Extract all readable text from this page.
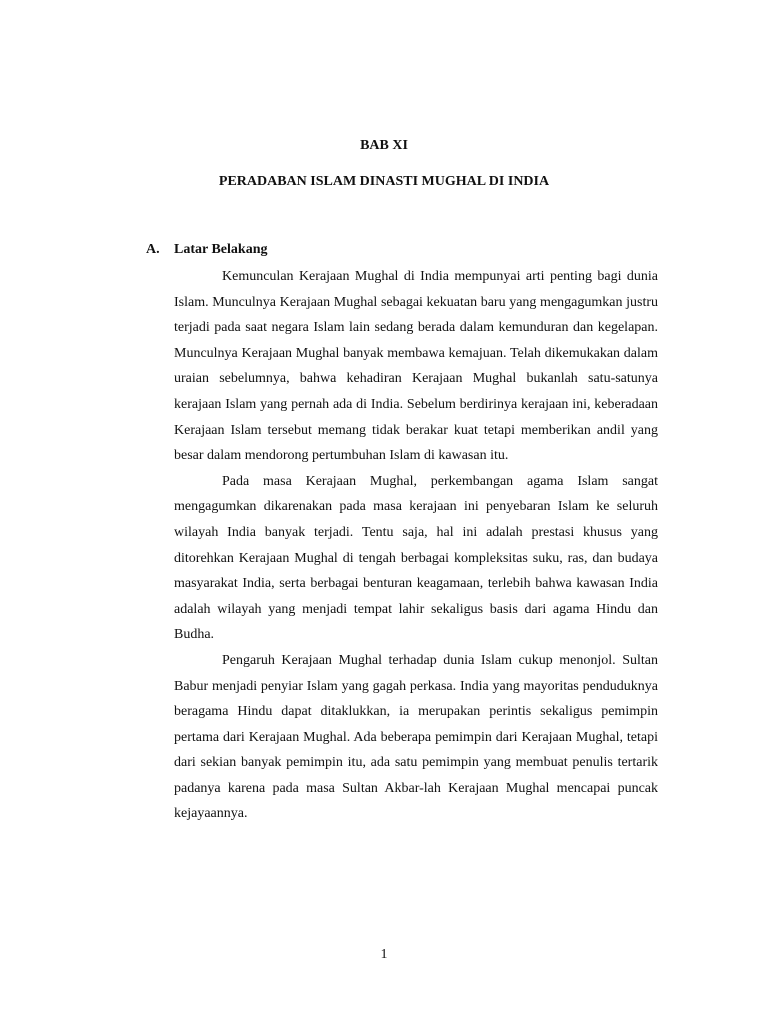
BAB XI
PERADABAN ISLAM DINASTI MUGHAL DI INDIA
A. Latar Belakang

Kemunculan Kerajaan Mughal di India mempunyai arti penting bagi dunia Islam. Munculnya Kerajaan Mughal sebagai kekuatan baru yang mengagumkan justru terjadi pada saat negara Islam lain sedang berada dalam kemunduran dan kegelapan. Munculnya Kerajaan Mughal banyak membawa kemajuan. Telah dikemukakan dalam uraian sebelumnya, bahwa kehadiran Kerajaan Mughal bukanlah satu-satunya kerajaan Islam yang pernah ada di India. Sebelum berdirinya kerajaan ini, keberadaan Kerajaan Islam tersebut memang tidak berakar kuat tetapi memberikan andil yang besar dalam mendorong pertumbuhan Islam di kawasan itu.

Pada masa Kerajaan Mughal, perkembangan agama Islam sangat mengagumkan dikarenakan pada masa kerajaan ini penyebaran Islam ke seluruh wilayah India banyak terjadi. Tentu saja, hal ini adalah prestasi khusus yang ditorehkan Kerajaan Mughal di tengah berbagai kompleksitas suku, ras, dan budaya masyarakat India, serta berbagai benturan keagamaan, terlebih bahwa kawasan India adalah wilayah yang menjadi tempat lahir sekaligus basis dari agama Hindu dan Budha.

Pengaruh Kerajaan Mughal terhadap dunia Islam cukup menonjol. Sultan Babur menjadi penyiar Islam yang gagah perkasa. India yang mayoritas penduduknya beragama Hindu dapat ditaklukkan, ia merupakan perintis sekaligus pemimpin pertama dari Kerajaan Mughal. Ada beberapa pemimpin dari Kerajaan Mughal, tetapi dari sekian banyak pemimpin itu, ada satu pemimpin yang membuat penulis tertarik padanya karena pada masa Sultan Akbar-lah Kerajaan Mughal mencapai puncak kejayaannya.

1
